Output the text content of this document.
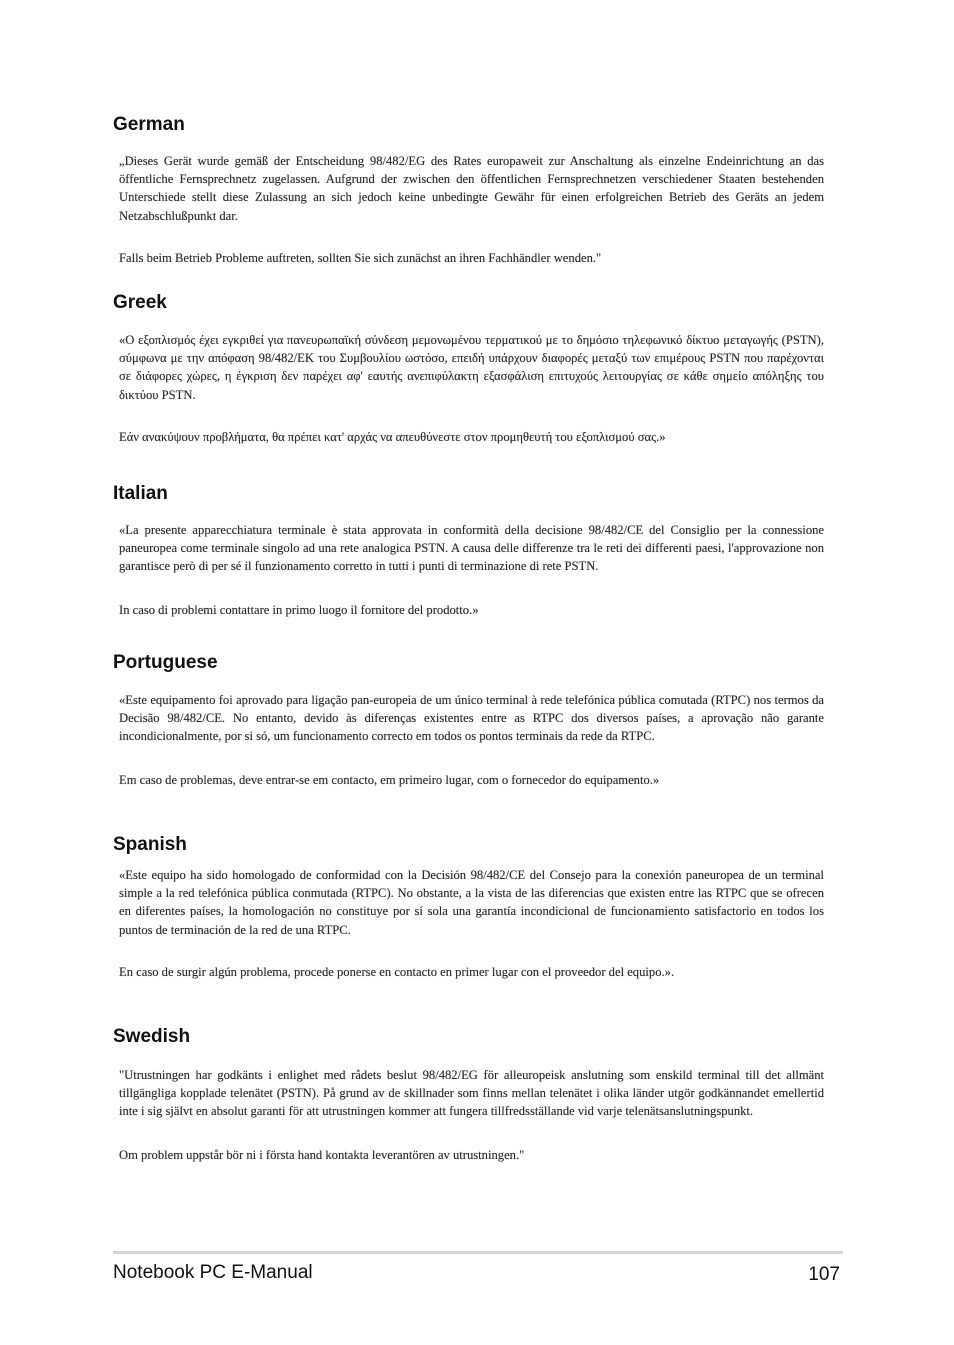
German

„Dieses Gerät wurde gemäß der Entscheidung 98/482/EG des Rates europaweit zur Anschaltung als einzelne Endeinrichtung an das öffentliche Fernsprechnetz zugelassen. Aufgrund der zwischen den öffentlichen Fernsprechnetzen verschiedener Staaten bestehenden Unterschiede stellt diese Zulassung an sich jedoch keine unbedingte Gewähr für einen erfolgreichen Betrieb des Geräts an jedem Netzabschlußpunkt dar.

Falls beim Betrieb Probleme auftreten, sollten Sie sich zunächst an ihren Fachhändler wenden."

Greek

«Ο εξοπλισμός έχει εγκριθεί για πανευρωπαϊκή σύνδεση μεμονωμένου τερματικού με το δημόσιο τηλεφωνικό δίκτυο μεταγωγής (PSTN), σύμφωνα με την απόφαση 98/482/ΕΚ του Συμβουλίου ωστόσο, επειδή υπάρχουν διαφορές μεταξύ των επιμέρους PSTN που παρέχονται σε διάφορες χώρες, η έγκριση δεν παρέχει αφ' εαυτής ανεπιφύλακτη εξασφάλιση επιτυχούς λειτουργίας σε κάθε σημείο απόληξης του δικτύου PSTN.

Εάν ανακύψουν προβλήματα, θα πρέπει κατ' αρχάς να απευθύνεστε στον προμηθευτή του εξοπλισμού σας.»

Italian

«La presente apparecchiatura terminale è stata approvata in conformità della decisione 98/482/CE del Consiglio per la connessione paneuropea come terminale singolo ad una rete analogica PSTN. A causa delle differenze tra le reti dei differenti paesi, l'approvazione non garantisce però di per sé il funzionamento corretto in tutti i punti di terminazione di rete PSTN.

In caso di problemi contattare in primo luogo il fornitore del prodotto.»

Portuguese

«Este equipamento foi aprovado para ligação pan-europeia de um único terminal à rede telefónica pública comutada (RTPC) nos termos da Decisão 98/482/CE. No entanto, devido às diferenças existentes entre as RTPC dos diversos países, a aprovação não garante incondicionalmente, por si só, um funcionamento correcto em todos os pontos terminais da rede da RTPC.

Em caso de problemas, deve entrar-se em contacto, em primeiro lugar, com o fornecedor do equipamento.»

Spanish

«Este equipo ha sido homologado de conformidad con la Decisión 98/482/CE del Consejo para la conexión paneuropea de un terminal simple a la red telefónica pública conmutada (RTPC). No obstante, a la vista de las diferencias que existen entre las RTPC que se ofrecen en diferentes países, la homologación no constituye por sí sola una garantía incondicional de funcionamiento satisfactorio en todos los puntos de terminación de la red de una RTPC.

En caso de surgir algún problema, procede ponerse en contacto en primer lugar con el proveedor del equipo.».

Swedish

"Utrustningen har godkänts i enlighet med rådets beslut 98/482/EG för alleuropeisk anslutning som enskild terminal till det allmänt tillgängliga kopplade telenätet (PSTN). På grund av de skillnader som finns mellan telenätet i olika länder utgör godkännandet emellertid inte i sig självt en absolut garanti för att utrustningen kommer att fungera tillfredsställande vid varje telenätsanslutningspunkt.

Om problem uppstår bör ni i första hand kontakta leverantören av utrustningen."

Notebook PC E-Manual	107
